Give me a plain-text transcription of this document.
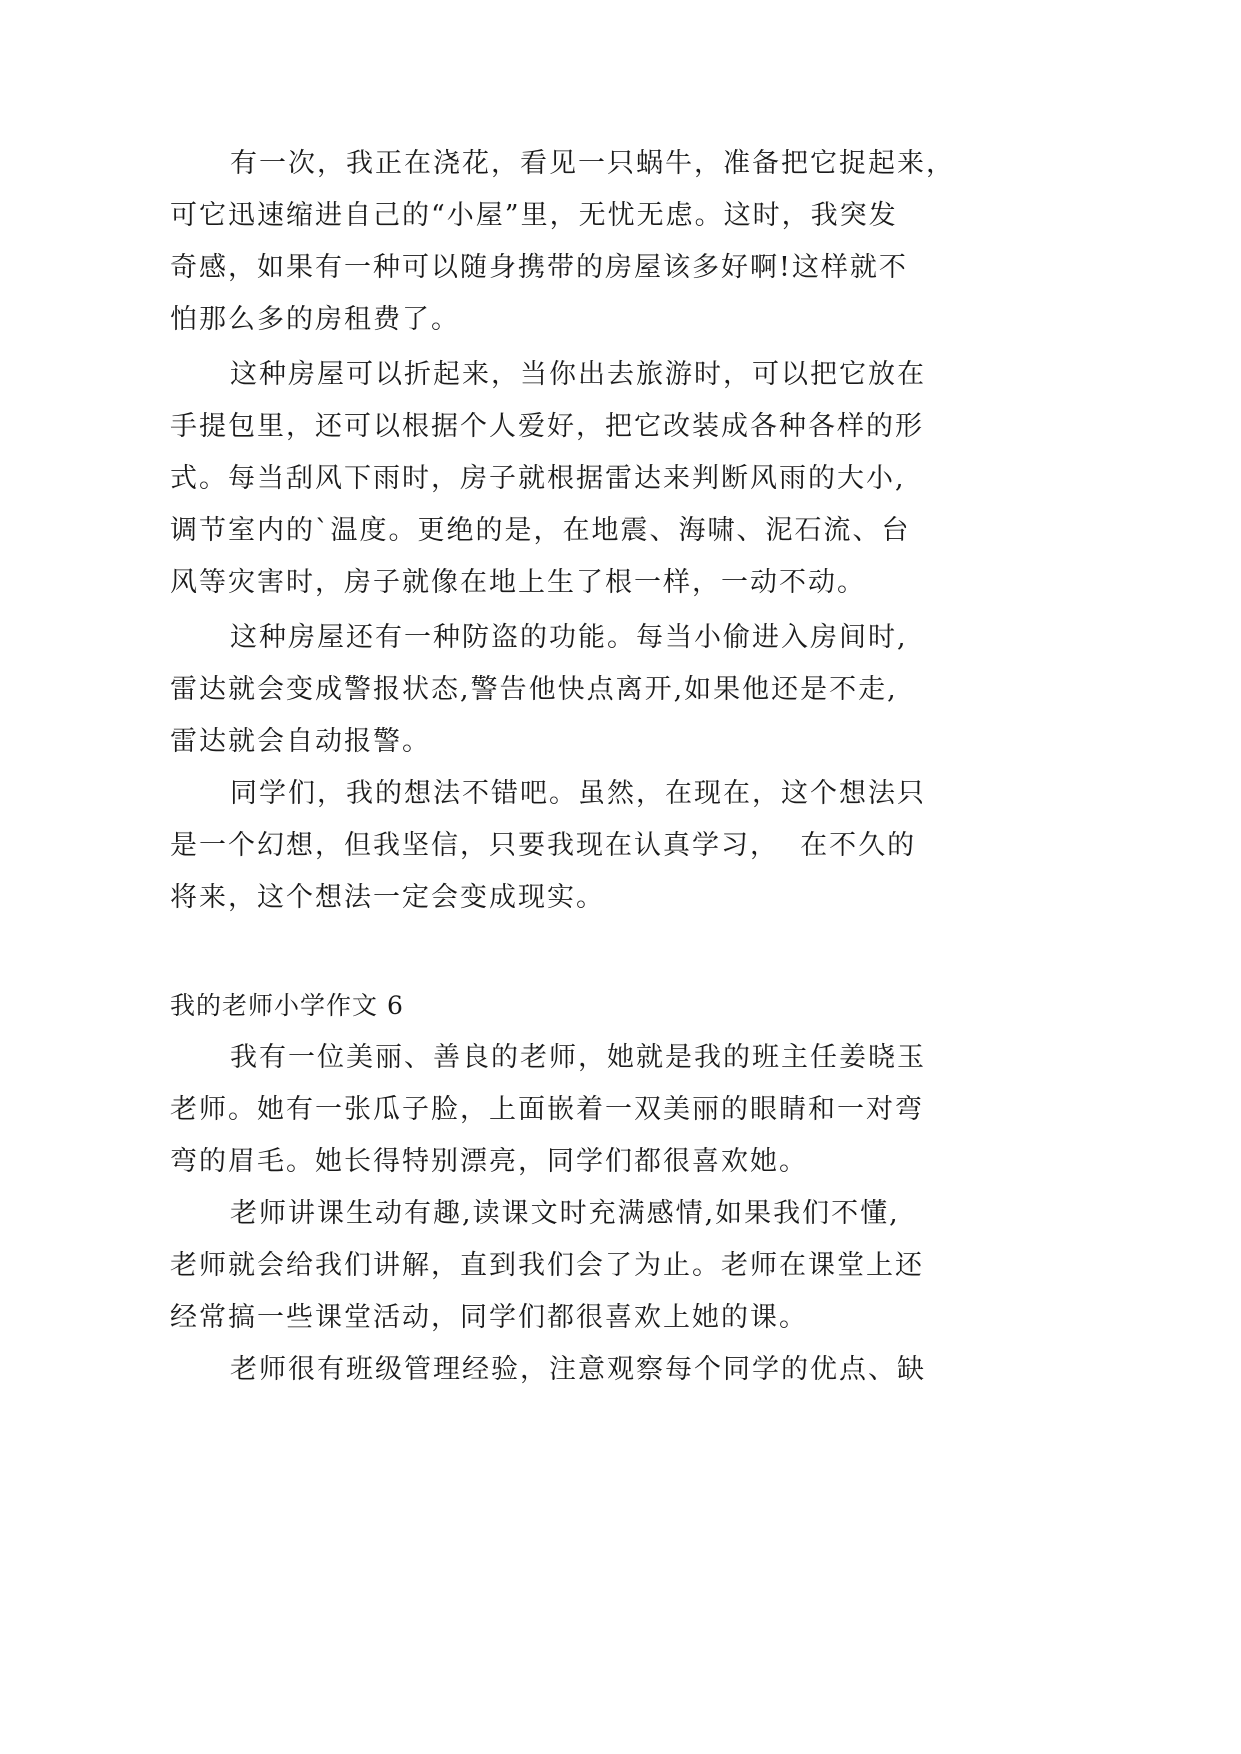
有一次，我正在浇花，看见一只蜗牛，准备把它捉起来，
可它迅速缩进自己的“小屋”里，无忧无虑。这时，我突发
奇感，如果有一种可以随身携带的房屋该多好啊!这样就不
怕那么多的房租费了。
这种房屋可以折起来，当你出去旅游时，可以把它放在
手提包里，还可以根据个人爱好，把它改装成各种各样的形
式。每当刮风下雨时，房子就根据雷达来判断风雨的大小,
调节室内的`温度。更绝的是，在地震、海啸、泥石流、台
风等灾害时，房子就像在地上生了根一样，一动不动。
这种房屋还有一种防盗的功能。每当小偷进入房间时,
雷达就会变成警报状态,警告他快点离开,如果他还是不走,
雷达就会自动报警。
同学们，我的想法不错吧。虽然，在现在，这个想法只
是一个幻想，但我坚信，只要我现在认真学习，  在不久的
将来，这个想法一定会变成现实。
我的老师小学作文 6
我有一位美丽、善良的老师，她就是我的班主任姜晓玉
老师。她有一张瓜子脸，上面嵌着一双美丽的眼睛和一对弯
弯的眉毛。她长得特别漂亮，同学们都很喜欢她。
老师讲课生动有趣,读课文时充满感情,如果我们不懂,
老师就会给我们讲解，直到我们会了为止。老师在课堂上还
经常搞一些课堂活动，同学们都很喜欢上她的课。
老师很有班级管理经验，注意观察每个同学的优点、缺
